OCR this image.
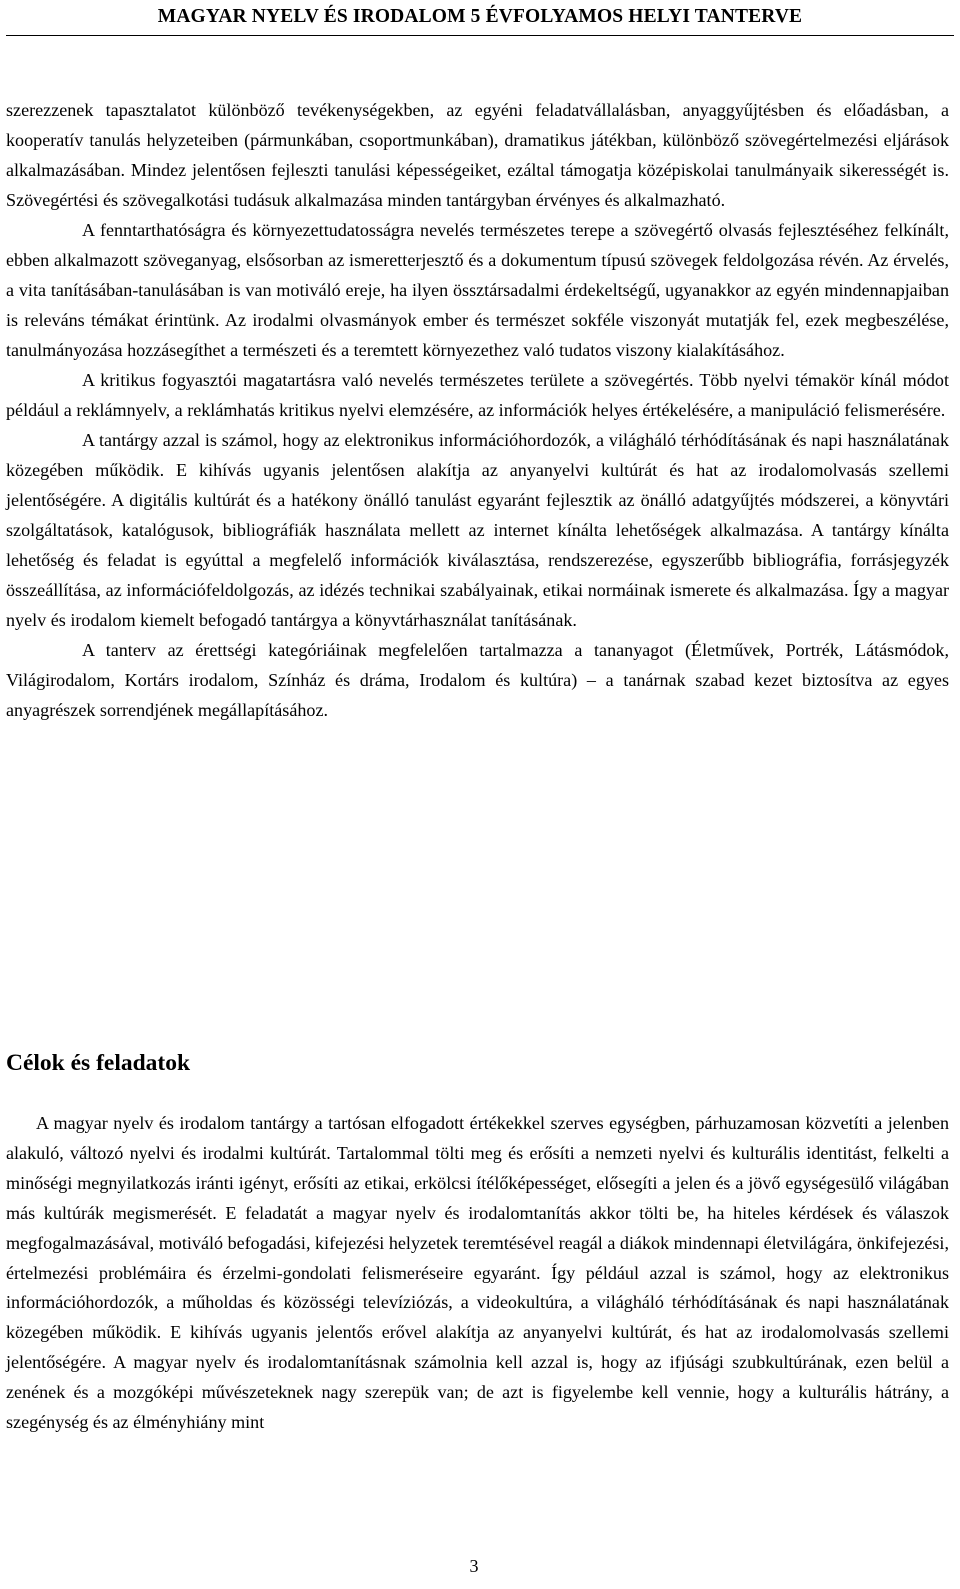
MAGYAR NYELV ÉS IRODALOM 5 ÉVFOLYAMOS HELYI TANTERVE

szerezzenek tapasztalatot különböző tevékenységekben, az egyéni feladatvállalásban, anyaggyűjtésben és előadásban, a kooperatív tanulás helyzeteiben (pármunkában, csoportmunkában), dramatikus játékban, különböző szövegértelmezési eljárások alkalmazásában. Mindez jelentősen fejleszti tanulási képességeiket, ezáltal támogatja középiskolai tanulmányaik sikerességét is. Szövegértési és szövegalkotási tudásuk alkalmazása minden tantárgyban érvényes és alkalmazható.

A fenntarthatóságra és környezettudatosságra nevelés természetes terepe a szövegértő olvasás fejlesztéséhez felkínált, ebben alkalmazott szöveganyag, elsősorban az ismeretterjesztő és a dokumentum típusú szövegek feldolgozása révén. Az érvelés, a vita tanításában-tanulásában is van motiváló ereje, ha ilyen össztársadalmi érdekeltségű, ugyanakkor az egyén mindennapjaiban is releváns témákat érintünk. Az irodalmi olvasmányok ember és természet sokféle viszonyát mutatják fel, ezek megbeszélése, tanulmányozása hozzásegíthet a természeti és a teremtett környezethez való tudatos viszony kialakításához.

A kritikus fogyasztói magatartásra való nevelés természetes területe a szövegértés. Több nyelvi témakör kínál módot például a reklámnyelv, a reklámhatás kritikus nyelvi elemzésére, az információk helyes értékelésére, a manipuláció felismerésére.

A tantárgy azzal is számol, hogy az elektronikus információhordozók, a világháló térhódításának és napi használatának közegében működik. E kihívás ugyanis jelentősen alakítja az anyanyelvi kultúrát és hat az irodalomolvasás szellemi jelentőségére. A digitális kultúrát és a hatékony önálló tanulást egyaránt fejlesztik az önálló adatgyűjtés módszerei, a könyvtári szolgáltatások, katalógusok, bibliográfiák használata mellett az internet kínálta lehetőségek alkalmazása. A tantárgy kínálta lehetőség és feladat is egyúttal a megfelelő információk kiválasztása, rendszerezése, egyszerűbb bibliográfia, forrásjegyzék összeállítása, az információfeldolgozás, az idézés technikai szabályainak, etikai normáinak ismerete és alkalmazása. Így a magyar nyelv és irodalom kiemelt befogadó tantárgya a könyvtárhasználat tanításának.

A tanterv az érettségi kategóriáinak megfelelően tartalmazza a tananyagot (Életművek, Portrék, Látásmódok, Világirodalom, Kortárs irodalom, Színház és dráma, Irodalom és kultúra) – a tanárnak szabad kezet biztosítva az egyes anyagrészek sorrendjének megállapításához.

Célok és feladatok

A magyar nyelv és irodalom tantárgy a tartósan elfogadott értékekkel szerves egységben, párhuzamosan közvetíti a jelenben alakuló, változó nyelvi és irodalmi kultúrát. Tartalommal tölti meg és erősíti a nemzeti nyelvi és kulturális identitást, felkelti a minőségi megnyilatkozás iránti igényt, erősíti az etikai, erkölcsi ítélőképességet, elősegíti a jelen és a jövő egységesülő világában más kultúrák megismerését. E feladatát a magyar nyelv és irodalomtanítás akkor tölti be, ha hiteles kérdések és válaszok megfogalmazásával, motiváló befogadási, kifejezési helyzetek teremtésével reagál a diákok mindennapi életvilágára, önkifejezési, értelmezési problémáira és érzelmi-gondolati felismeréseire egyaránt. Így például azzal is számol, hogy az elektronikus információhordozók, a műholdas és közösségi televíziózás, a videokultúra, a világháló térhódításának és napi használatának közegében működik. E kihívás ugyanis jelentős erővel alakítja az anyanyelvi kultúrát, és hat az irodalomolvasás szellemi jelentőségére. A magyar nyelv és irodalomtanításnak számolnia kell azzal is, hogy az ifjúsági szubkultúrának, ezen belül a zenének és a mozgóképi művészeteknek nagy szerepük van; de azt is figyelembe kell vennie, hogy a kulturális hátrány, a szegénység és az élményhiány mint

3
